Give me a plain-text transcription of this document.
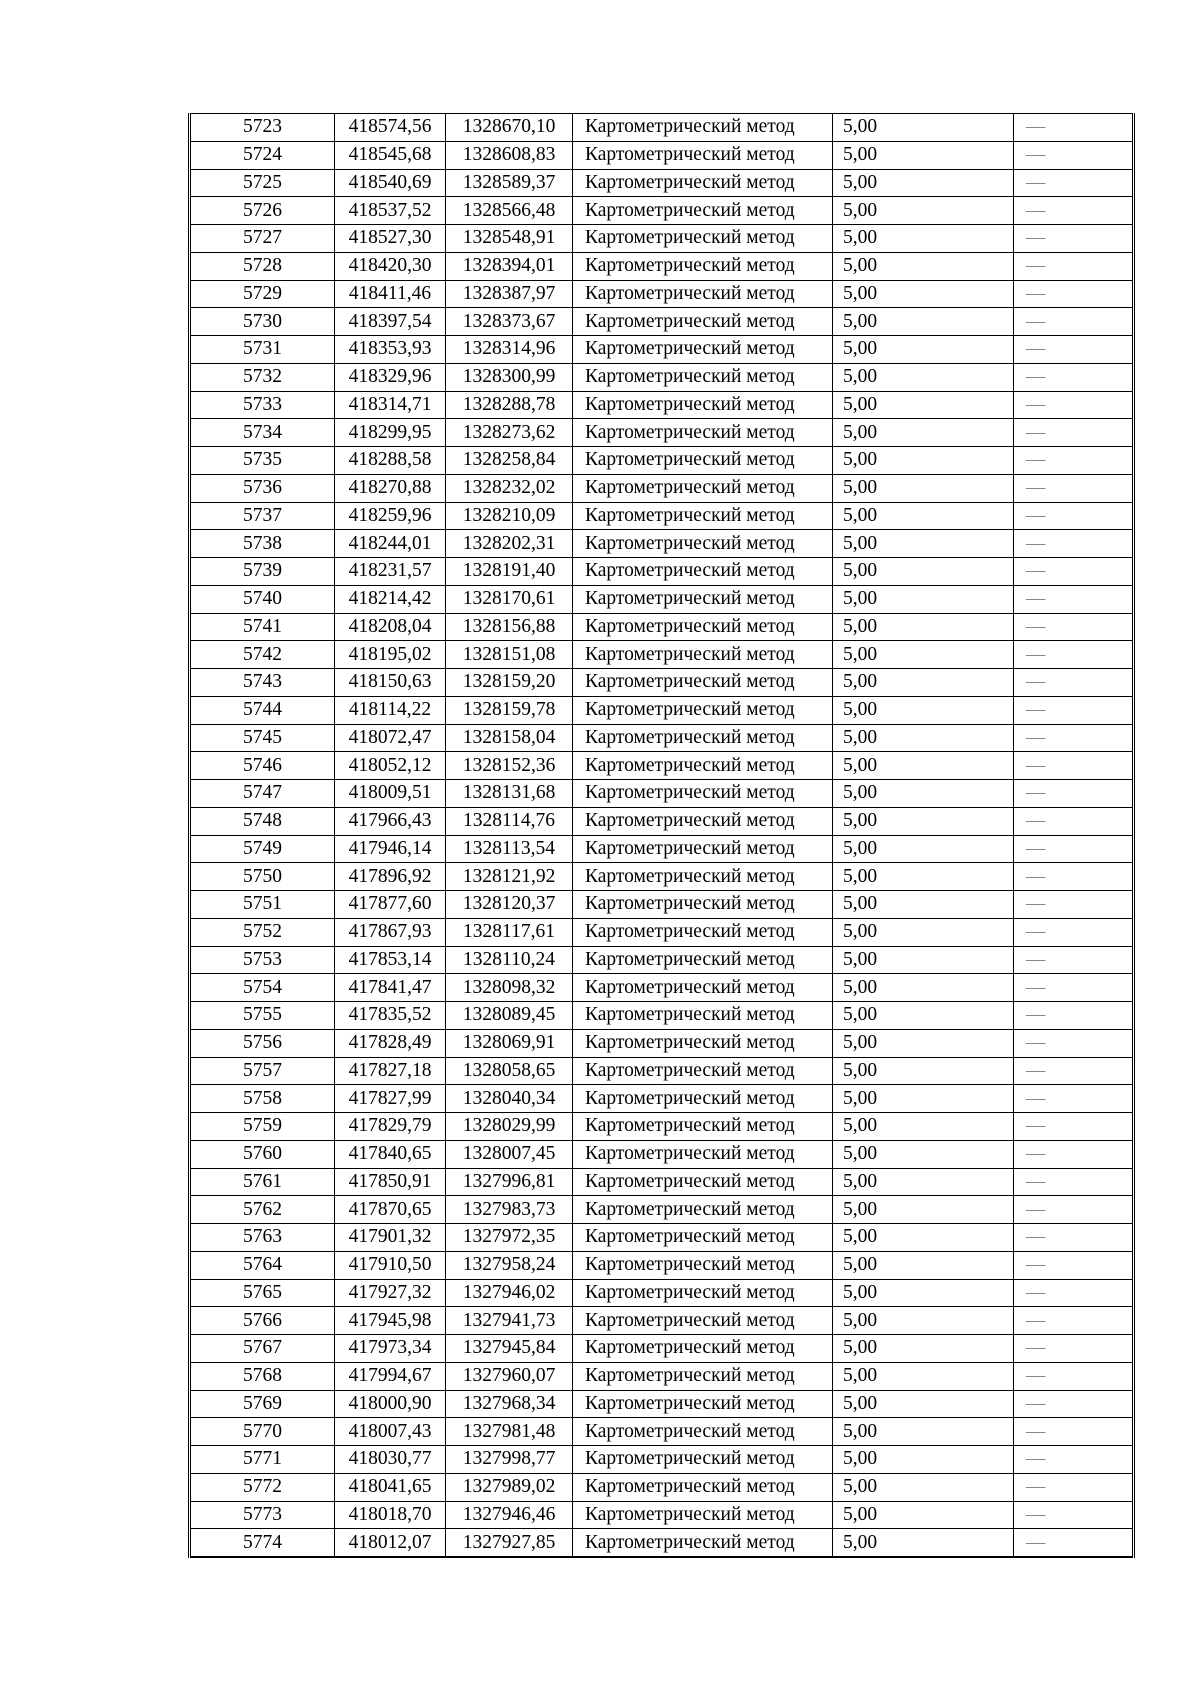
5723	418574,56	1328670,10	Картометрический метод	5,00	—
5724	418545,68	1328608,83	Картометрический метод	5,00	—
5725	418540,69	1328589,37	Картометрический метод	5,00	—
5726	418537,52	1328566,48	Картометрический метод	5,00	—
5727	418527,30	1328548,91	Картометрический метод	5,00	—
5728	418420,30	1328394,01	Картометрический метод	5,00	—
5729	418411,46	1328387,97	Картометрический метод	5,00	—
5730	418397,54	1328373,67	Картометрический метод	5,00	—
5731	418353,93	1328314,96	Картометрический метод	5,00	—
5732	418329,96	1328300,99	Картометрический метод	5,00	—
5733	418314,71	1328288,78	Картометрический метод	5,00	—
5734	418299,95	1328273,62	Картометрический метод	5,00	—
5735	418288,58	1328258,84	Картометрический метод	5,00	—
5736	418270,88	1328232,02	Картометрический метод	5,00	—
5737	418259,96	1328210,09	Картометрический метод	5,00	—
5738	418244,01	1328202,31	Картометрический метод	5,00	—
5739	418231,57	1328191,40	Картометрический метод	5,00	—
5740	418214,42	1328170,61	Картометрический метод	5,00	—
5741	418208,04	1328156,88	Картометрический метод	5,00	—
5742	418195,02	1328151,08	Картометрический метод	5,00	—
5743	418150,63	1328159,20	Картометрический метод	5,00	—
5744	418114,22	1328159,78	Картометрический метод	5,00	—
5745	418072,47	1328158,04	Картометрический метод	5,00	—
5746	418052,12	1328152,36	Картометрический метод	5,00	—
5747	418009,51	1328131,68	Картометрический метод	5,00	—
5748	417966,43	1328114,76	Картометрический метод	5,00	—
5749	417946,14	1328113,54	Картометрический метод	5,00	—
5750	417896,92	1328121,92	Картометрический метод	5,00	—
5751	417877,60	1328120,37	Картометрический метод	5,00	—
5752	417867,93	1328117,61	Картометрический метод	5,00	—
5753	417853,14	1328110,24	Картометрический метод	5,00	—
5754	417841,47	1328098,32	Картометрический метод	5,00	—
5755	417835,52	1328089,45	Картометрический метод	5,00	—
5756	417828,49	1328069,91	Картометрический метод	5,00	—
5757	417827,18	1328058,65	Картометрический метод	5,00	—
5758	417827,99	1328040,34	Картометрический метод	5,00	—
5759	417829,79	1328029,99	Картометрический метод	5,00	—
5760	417840,65	1328007,45	Картометрический метод	5,00	—
5761	417850,91	1327996,81	Картометрический метод	5,00	—
5762	417870,65	1327983,73	Картометрический метод	5,00	—
5763	417901,32	1327972,35	Картометрический метод	5,00	—
5764	417910,50	1327958,24	Картометрический метод	5,00	—
5765	417927,32	1327946,02	Картометрический метод	5,00	—
5766	417945,98	1327941,73	Картометрический метод	5,00	—
5767	417973,34	1327945,84	Картометрический метод	5,00	—
5768	417994,67	1327960,07	Картометрический метод	5,00	—
5769	418000,90	1327968,34	Картометрический метод	5,00	—
5770	418007,43	1327981,48	Картометрический метод	5,00	—
5771	418030,77	1327998,77	Картометрический метод	5,00	—
5772	418041,65	1327989,02	Картометрический метод	5,00	—
5773	418018,70	1327946,46	Картометрический метод	5,00	—
5774	418012,07	1327927,85	Картометрический метод	5,00	—
